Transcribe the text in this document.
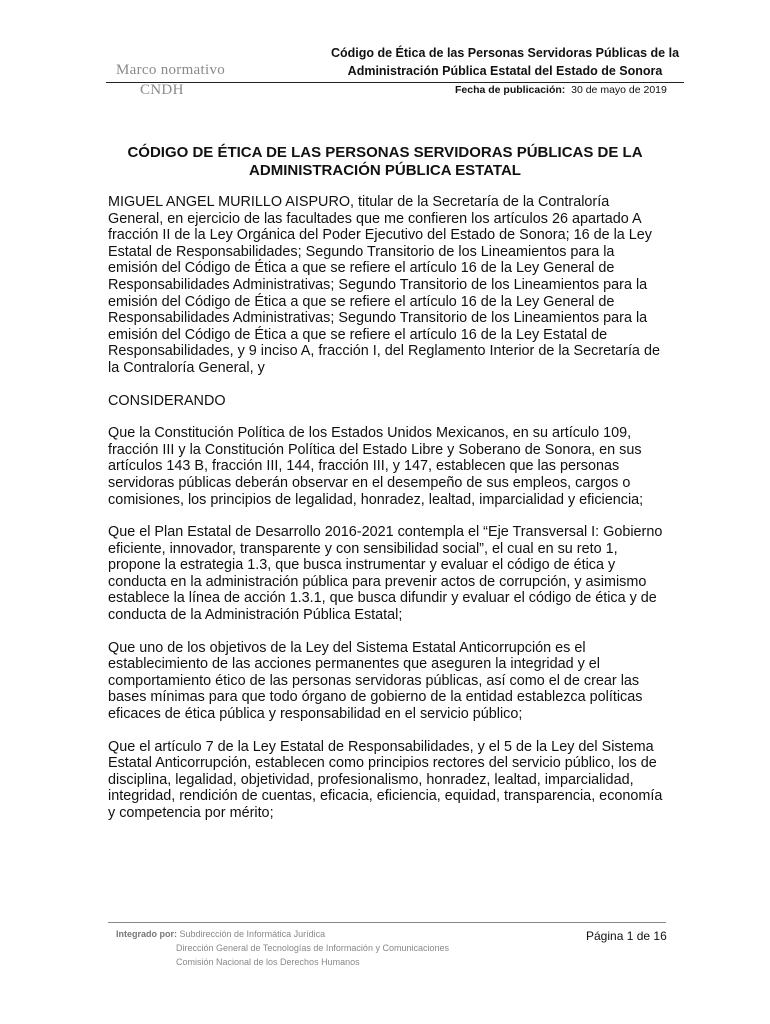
Marco normativo
CNDH
Código de Ética de las Personas Servidoras Públicas de la
Administración Pública Estatal del Estado de Sonora
Fecha de publicación: 30 de mayo de 2019
CÓDIGO DE ÉTICA DE LAS PERSONAS SERVIDORAS PÚBLICAS DE LA ADMINISTRACIÓN PÚBLICA ESTATAL

MIGUEL ANGEL MURILLO AISPURO, titular de la Secretaría de la Contraloría General, en ejercicio de las facultades que me confieren los artículos 26 apartado A fracción II de la Ley Orgánica del Poder Ejecutivo del Estado de Sonora; 16 de la Ley Estatal de Responsabilidades; Segundo Transitorio de los Lineamientos para la emisión del Código de Ética a que se refiere el artículo 16 de la Ley General de Responsabilidades Administrativas; Segundo Transitorio de los Lineamientos para la emisión del Código de Ética a que se refiere el artículo 16 de la Ley General de Responsabilidades Administrativas; Segundo Transitorio de los Lineamientos para la emisión del Código de Ética a que se refiere el artículo 16 de la Ley Estatal de Responsabilidades, y 9 inciso A, fracción I, del Reglamento Interior de la Secretaría de la Contraloría General, y

CONSIDERANDO

Que la Constitución Política de los Estados Unidos Mexicanos, en su artículo 109, fracción III y la Constitución Política del Estado Libre y Soberano de Sonora, en sus artículos 143 B, fracción III, 144, fracción III, y 147, establecen que las personas servidoras públicas deberán observar en el desempeño de sus empleos, cargos o comisiones, los principios de legalidad, honradez, lealtad, imparcialidad y eficiencia;

Que el Plan Estatal de Desarrollo 2016-2021 contempla el “Eje Transversal I: Gobierno eficiente, innovador, transparente y con sensibilidad social”, el cual en su reto 1, propone la estrategia 1.3, que busca instrumentar y evaluar el código de ética y conducta en la administración pública para prevenir actos de corrupción, y asimismo establece la línea de acción 1.3.1, que busca difundir y evaluar el código de ética y de conducta de la Administración Pública Estatal;

Que uno de los objetivos de la Ley del Sistema Estatal Anticorrupción es el establecimiento de las acciones permanentes que aseguren la integridad y el comportamiento ético de las personas servidoras públicas, así como el de crear las bases mínimas para que todo órgano de gobierno de la entidad establezca políticas eficaces de ética pública y responsabilidad en el servicio público;

Que el artículo 7 de la Ley Estatal de Responsabilidades, y el 5 de la Ley del Sistema Estatal Anticorrupción, establecen como principios rectores del servicio público, los de disciplina, legalidad, objetividad, profesionalismo, honradez, lealtad, imparcialidad, integridad, rendición de cuentas, eficacia, eficiencia, equidad, transparencia, economía y competencia por mérito;

Integrado por: Subdirección de Informática Jurídica
Dirección General de Tecnologías de Información y Comunicaciones
Comisión Nacional de los Derechos Humanos
Página 1 de 16
